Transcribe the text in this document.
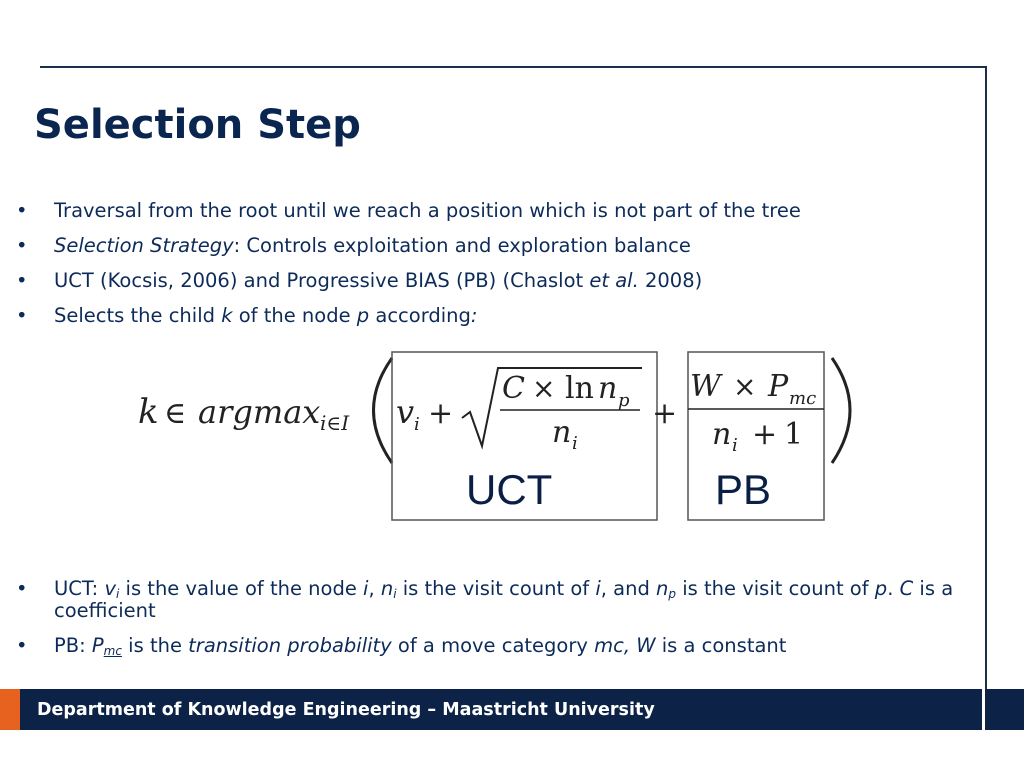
Selection Step
• Traversal from the root until we reach a position which is not part of the tree
• Selection Strategy: Controls exploitation and exploration balance
• UCT (Kocsis, 2006) and Progressive BIAS (PB) (Chaslot et al. 2008)
• Selects the child k of the node p according:
k ∈ argmax i∈I v i +
C × ln n p
n i
+
W × P mc
n i + 1
UCT	PB
• UCT: $v_i$ is the value of the node i, $n_i$ is the visit count of i, and $n_p$ is the visit count of p. C is a coefficient
• PB: $P_{mc}$ is the transition probability of a move category mc, W is a constant
Department of Knowledge Engineering – Maastricht University
